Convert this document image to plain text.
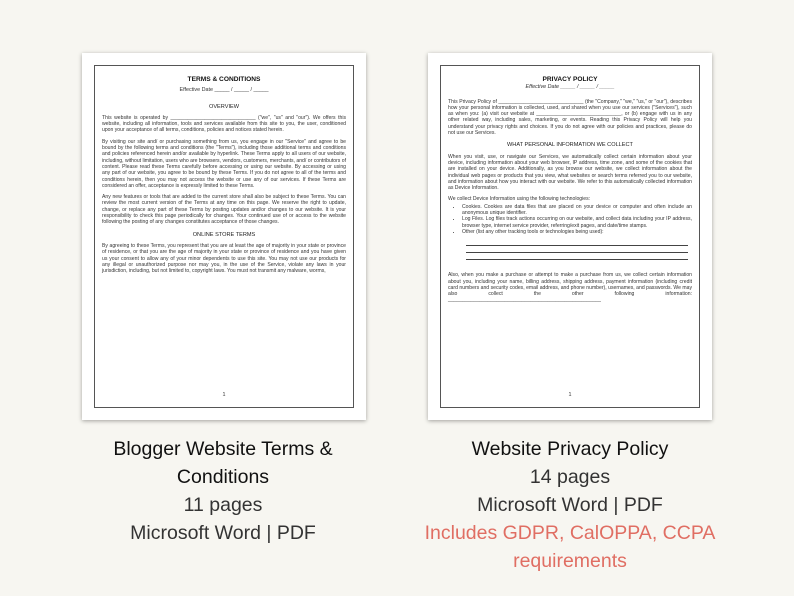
TERMS & CONDITIONS
Effective Date _____ / _____ / _____
OVERVIEW

This website is operated by ______________________________ ("we", "us" and "our"). We offers this website, including all information, tools and services available from this site to you, the user, conditioned upon your acceptance of all terms, conditions, policies and notices stated herein.

By visiting our site and/ or purchasing something from us, you engage in our "Service" and agree to be bound by the following terms and conditions (the "Terms"), including those additional terms and conditions and policies referenced herein and/or available by hyperlink. These Terms apply to all users of our website, including, without limitation, users who are browsers, vendors, customers, merchants, and/ or contributors of content. Please read these Terms carefully before accessing or using our website. By accessing or using any part of our website, you agree to be bound by these Terms. If you do not agree to all of the terms and conditions herein, then you may not access the website or use any of our services. If these Terms are considered an offer, acceptance is expressly limited to these Terms.

Any new features or tools that are added to the current store shall also be subject to these Terms. You can review the most current version of the Terms at any time on this page. We reserve the right to update, change, or replace any part of these Terms by posting updates and/or changes to our website. It is your responsibility to check this page periodically for changes. Your continued use of or access to the website following the posting of any changes constitutes acceptance of those changes.

ONLINE STORE TERMS

By agreeing to these Terms, you represent that you are at least the age of majority in your state or province of residence, or that you are the age of majority in your state or province of residence and you have given us your consent to allow any of your minor dependents to use this site. You may not use our products for any illegal or unauthorized purpose nor may you, in the use of the Service, violate any laws in your jurisdiction, including, but not limited to, copyright laws. You must not transmit any malware, worms,

1
PRIVACY POLICY
Effective Date _____ / _____ / _____

This Privacy Policy of ______________________________ (the "Company," "we," "us," or "our"), describes how your personal information is collected, used, and shared when you use our services ("Services"), such as when you: (a) visit our website at ______________________________, or (b) engage with us in any other related way, including sales, marketing, or events. Reading this Privacy Policy will help you understand your privacy rights and choices. If you do not agree with our policies and practices, please do not use our Services.

WHAT PERSONAL INFORMATION WE COLLECT

When you visit, use, or navigate our Services, we automatically collect certain information about your device, including information about your web browser, IP address, time zone, and some of the cookies that are installed on your device. Additionally, as you browse our website, we collect information about the individual web pages or products that you view, what websites or search terms referred you to our website, and information about how you interact with our website. We refer to this automatically collected information as Device Information.

We collect Device Information using the following technologies:

• Cookies. Cookies are data files that are placed on your device or computer and often include an anonymous unique identifier.
• Log Files. Log files track actions occurring on our website, and collect data including your IP address, browser type, internet service provider, referring/exit pages, and date/time stamps.
• Other (list any other tracking tools or technologies being used):

Also, when you make a purchase or attempt to make a purchase from us, we collect certain information about you, including your name, billing address, shipping address, payment information (including credit card numbers and security codes, email address, and phone number), usernames, and passwords. We may also collect the other following information: ______________________________________________________

1
Blogger Website Terms &
Conditions
11 pages
Microsoft Word | PDF
Website Privacy Policy
14 pages
Microsoft Word | PDF
Includes GDPR, CalOPPA, CCPA
requirements
